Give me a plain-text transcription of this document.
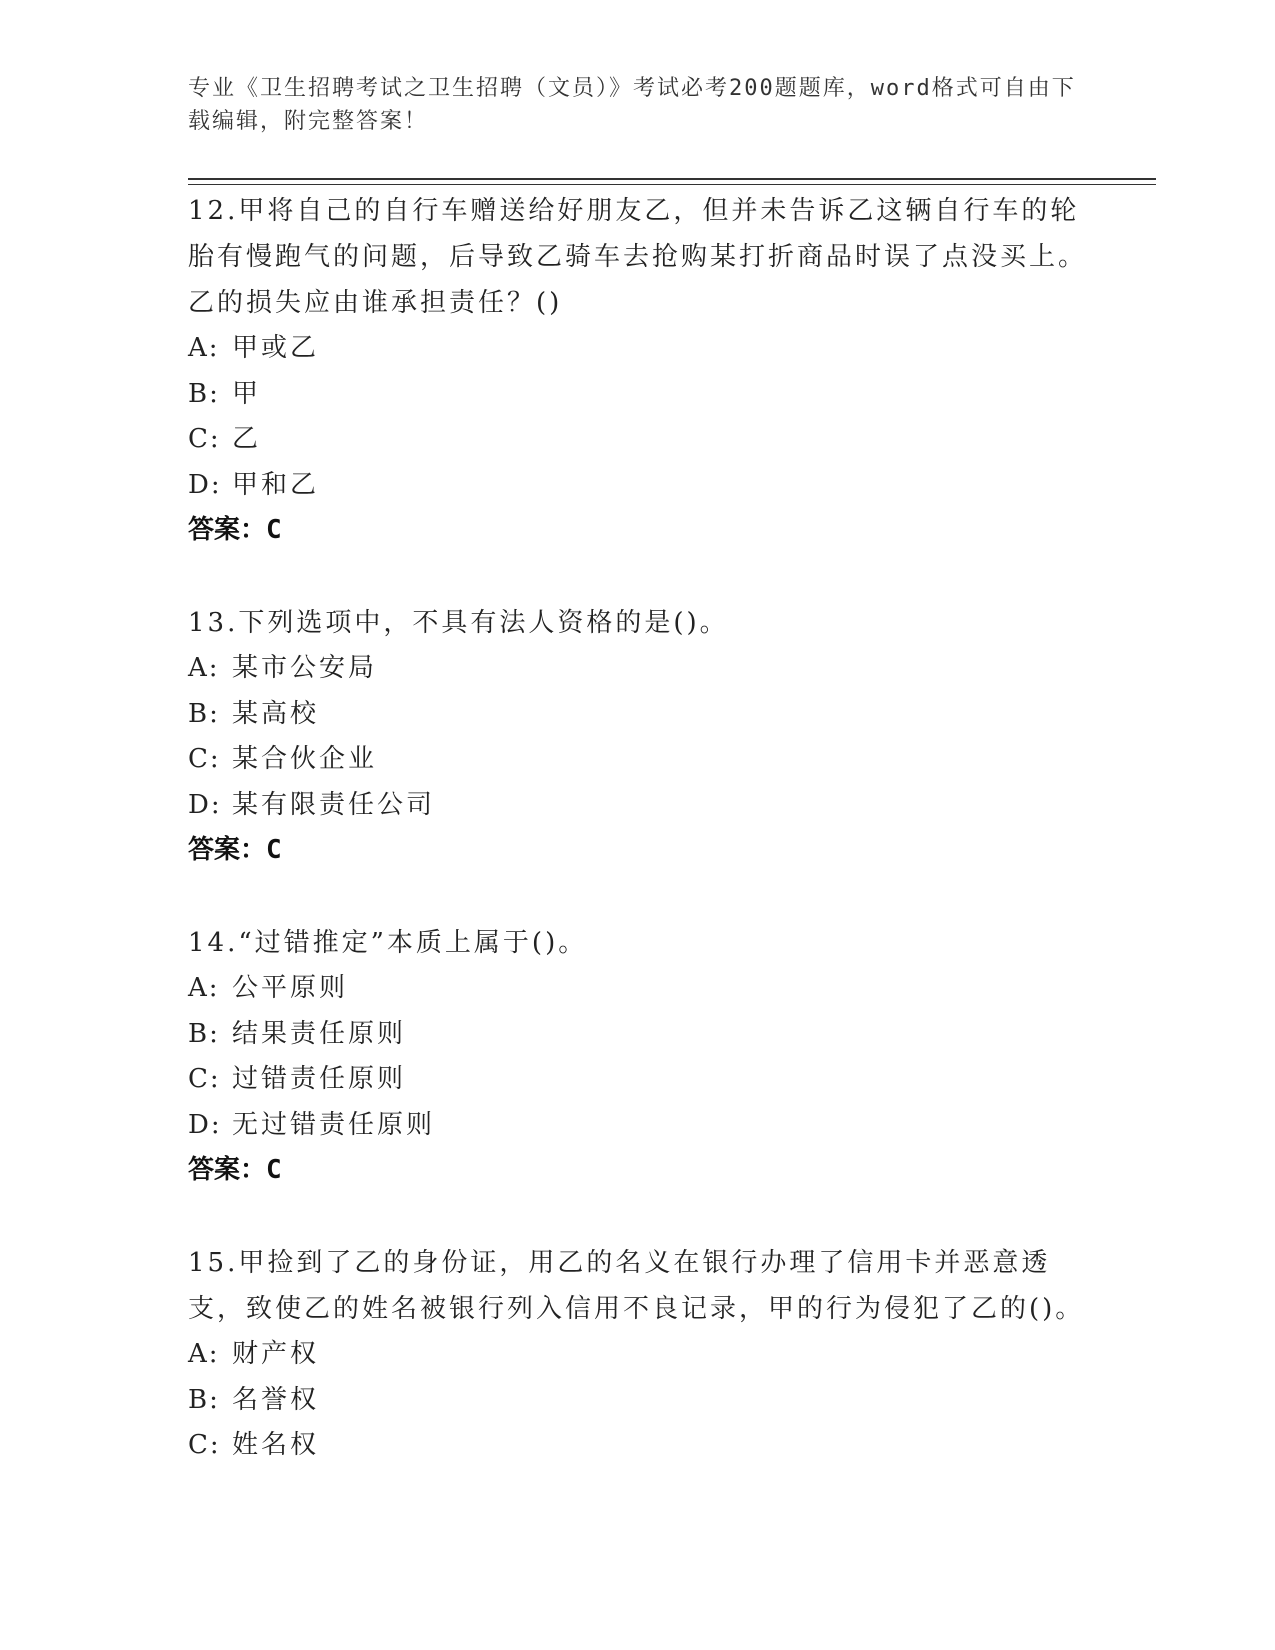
专业《卫生招聘考试之卫生招聘（文员）》考试必考200题题库，word格式可自由下载编辑，附完整答案！
12.甲将自己的自行车赠送给好朋友乙，但并未告诉乙这辆自行车的轮胎有慢跑气的问题，后导致乙骑车去抢购某打折商品时误了点没买上。乙的损失应由谁承担责任？()
A: 甲或乙
B: 甲
C: 乙
D: 甲和乙
答案：C
13.下列选项中，不具有法人资格的是()。
A: 某市公安局
B: 某高校
C: 某合伙企业
D: 某有限责任公司
答案：C
14.“过错推定”本质上属于()。
A: 公平原则
B: 结果责任原则
C: 过错责任原则
D: 无过错责任原则
答案：C
15.甲捡到了乙的身份证，用乙的名义在银行办理了信用卡并恶意透支，致使乙的姓名被银行列入信用不良记录，甲的行为侵犯了乙的()。
A: 财产权
B: 名誉权
C: 姓名权
